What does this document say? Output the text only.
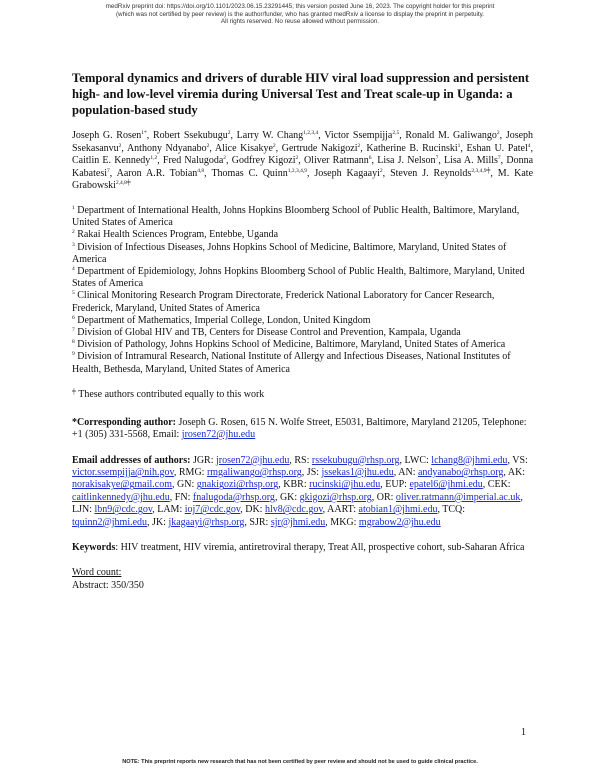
medRxiv preprint doi: https://doi.org/10.1101/2023.06.15.23291445; this version posted June 16, 2023. The copyright holder for this preprint
(which was not certified by peer review) is the author/funder, who has granted medRxiv a license to display the preprint in perpetuity.
All rights reserved. No reuse allowed without permission.
Temporal dynamics and drivers of durable HIV viral load suppression and persistent high- and low-level viremia during Universal Test and Treat scale-up in Uganda: a population-based study
Joseph G. Rosen$^{1*}$, Robert Ssekubugu$^2$, Larry W. Chang$^{1,2,3,4}$, Victor Ssempijja$^{2,5}$, Ronald M. Galiwango$^2$, Joseph Ssekasanvu$^2$, Anthony Ndyanabo$^2$, Alice Kisakye$^2$, Gertrude Nakigozi$^2$, Katherine B. Rucinski$^1$, Eshan U. Patel$^4$, Caitlin E. Kennedy$^{1,2}$, Fred Nalugoda$^2$, Godfrey Kigozi$^2$, Oliver Ratmann$^6$, Lisa J. Nelson$^7$, Lisa A. Mills$^7$, Donna Kabatesi$^7$, Aaron A.R. Tobian$^{4,8}$, Thomas C. Quinn$^{1,2,3,4,9}$, Joseph Kagaayi$^2$, Steven J. Reynolds$^{2,3,4,9╪}$, M. Kate Grabowski$^{2,4,8╪}$
$^1$ Department of International Health, Johns Hopkins Bloomberg School of Public Health, Baltimore, Maryland, United States of America
$^2$ Rakai Health Sciences Program, Entebbe, Uganda
$^3$ Division of Infectious Diseases, Johns Hopkins School of Medicine, Baltimore, Maryland, United States of America
$^4$ Department of Epidemiology, Johns Hopkins Bloomberg School of Public Health, Baltimore, Maryland, United States of America
$^5$ Clinical Monitoring Research Program Directorate, Frederick National Laboratory for Cancer Research, Frederick, Maryland, United States of America
$^6$ Department of Mathematics, Imperial College, London, United Kingdom
$^7$ Division of Global HIV and TB, Centers for Disease Control and Prevention, Kampala, Uganda
$^8$ Division of Pathology, Johns Hopkins School of Medicine, Baltimore, Maryland, United States of America
$^9$ Division of Intramural Research, National Institute of Allergy and Infectious Diseases, National Institutes of Health, Bethesda, Maryland, United States of America
╪ These authors contributed equally to this work
*Corresponding author: Joseph G. Rosen, 615 N. Wolfe Street, E5031, Baltimore, Maryland 21205, Telephone: +1 (305) 331-5568, Email: jrosen72@jhu.edu
Email addresses of authors: JGR: jrosen72@jhu.edu, RS: rssekubugu@rhsp.org, LWC: lchang8@jhmi.edu, VS: victor.ssempijja@nih.gov, RMG: rmgaliwango@rhsp.org, JS: jssekas1@jhu.edu, AN: andyanabo@rhsp.org, AK: norakisakye@gmail.com, GN: gnakigozi@rhsp.org, KBR: rucinski@jhu.edu, EUP: epatel6@jhmi.edu, CEK: caitlinkennedy@jhu.edu, FN: fnalugoda@rhsp.org, GK: gkigozi@rhsp.org, OR: oliver.ratmann@imperial.ac.uk, LJN: lbn9@cdc.gov, LAM: ioj7@cdc.gov, DK: hlv8@cdc.gov, AART: atobian1@jhmi.edu, TCQ: tquinn2@jhmi.edu, JK: jkagaayi@rhsp.org, SJR: sjr@jhmi.edu, MKG: mgrabow2@jhu.edu
Keywords: HIV treatment, HIV viremia, antiretroviral therapy, Treat All, prospective cohort, sub-Saharan Africa
Word count:
Abstract: 350/350
1
NOTE: This preprint reports new research that has not been certified by peer review and should not be used to guide clinical practice.
